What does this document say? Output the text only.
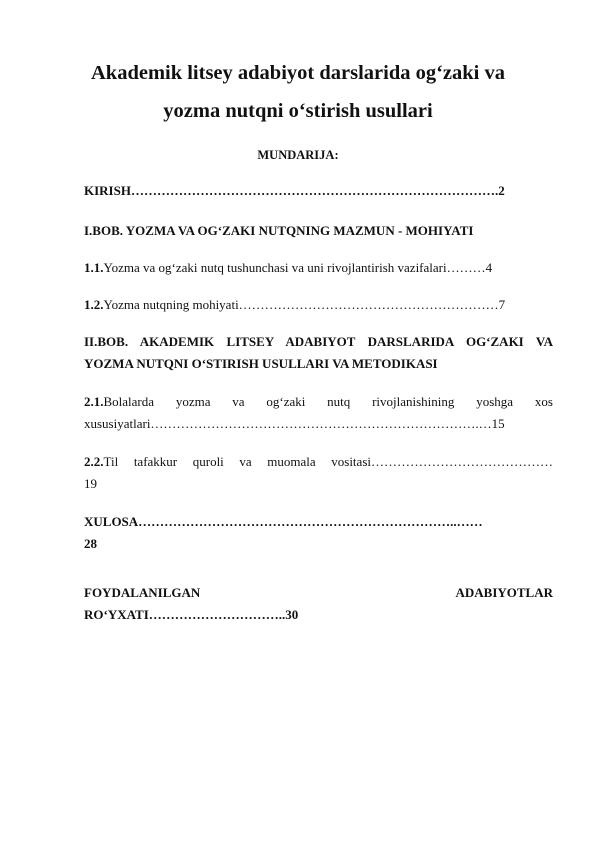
Akademik litsey adabiyot darslarida og‘zaki va
yozma nutqni o‘stirish usullari
MUNDARIJA:
KIRISH………………………………………………………………………….2
I.BOB. YOZMA VA OG‘ZAKI NUTQNING MAZMUN - MOHIYATI
1.1.Yozma va og‘zaki nutq tushunchasi va uni rivojlantirish vazifalari………4
1.2.Yozma nutqning mohiyati……………………………………………………7
II.BOB. AKADEMIK LITSEY ADABIYOT DARSLARIDA OG‘ZAKI VA
YOZMA NUTQNI O‘STIRISH USULLARI VA METODIKASI
2.1.Bolalarda yozma va og‘zaki nutq rivojlanishining yoshga xos
xususiyatlari………………………………………………………………….…15
2.2.Til tafakkur quroli va muomala vositasi……………………………………
19
XULOSA………………………………………………………………..……
28
FOYDALANILGAN	ADABIYOTLAR
RO‘YXATI…………………………..30
